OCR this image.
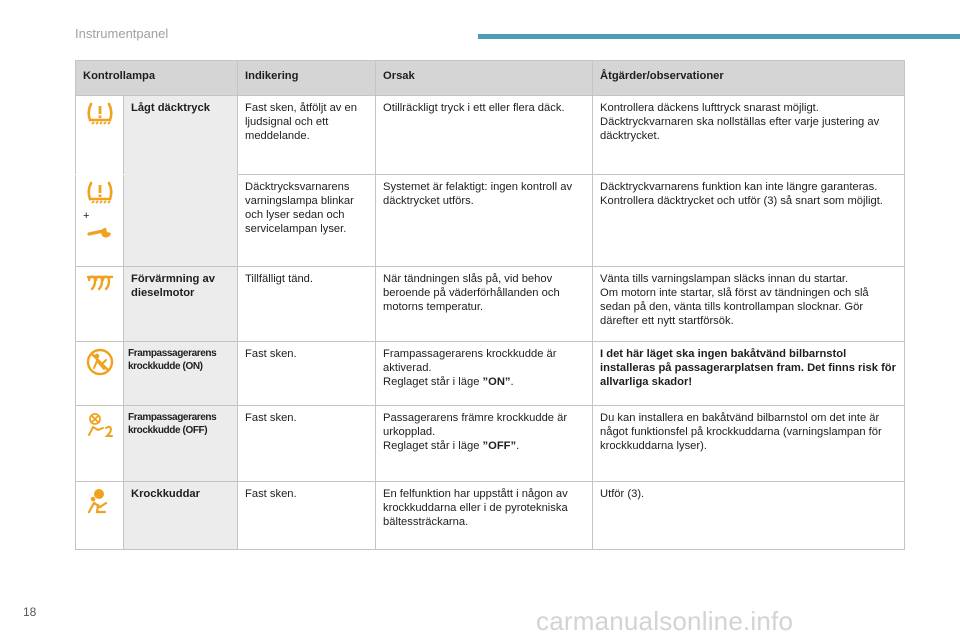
Instrumentpanel
Kontrollampa		Indikering	Orsak	Åtgärder/observationer

	Lågt däcktryck	Fast sken, åtföljt av en ljudsignal och ett meddelande.	Otillräckligt tryck i ett eller flera däck.	Kontrollera däckens lufttryck snarast möjligt.
Däcktryckvarnaren ska nollställas efter varje justering av däcktrycket.

+		Däcktrycksvarnarens varningslampa blinkar och lyser sedan och servicelampan lyser.	Systemet är felaktigt: ingen kontroll av däcktrycket utförs.	Däcktryckvarnarens funktion kan inte längre garanteras.
Kontrollera däcktrycket och utför (3) så snart som möjligt.

	Förvärmning av dieselmotor	Tillfälligt tänd.	När tändningen slås på, vid behov beroende på väderförhållanden och motorns temperatur.	Vänta tills varningslampan släcks innan du startar.
Om motorn inte startar, slå först av tändningen och slå sedan på den, vänta tills kontrollampan slocknar. Gör därefter ett nytt startförsök.

	Frampassagerarens krockkudde (ON)	Fast sken.	Frampassagerarens krockkudde är aktiverad.
Reglaget står i läge ”ON”.	I det här läget ska ingen bakåtvänd bilbarnstol installeras på passagerarplatsen fram. Det finns risk för allvarliga skador!

	Frampassagerarens krockkudde (OFF)	Fast sken.	Passagerarens främre krockkudde är urkopplad.
Reglaget står i läge ”OFF”.	Du kan installera en bakåtvänd bilbarnstol om det inte är något funktionsfel på krockkuddarna (varningslampan för krockkuddarna lyser).

	Krockkuddar	Fast sken.	En felfunktion har uppstått i någon av krockkuddarna eller i de pyrotekniska bältessträckarna.	Utför (3).
18	carmanualsonline.info
